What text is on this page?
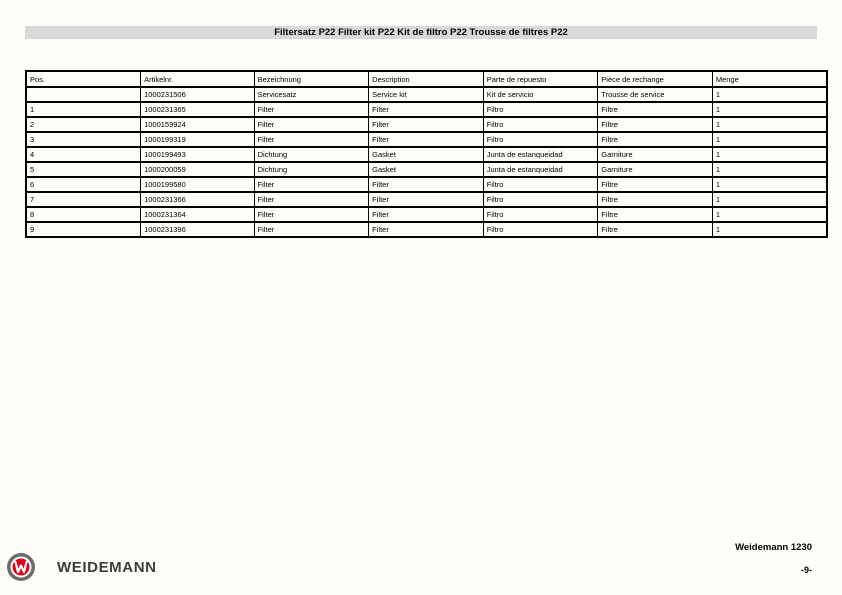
Filtersatz P22 Filter kit P22 Kit de filtro P22 Trousse de filtres P22
Pos.	Artikelnr.	Bezeichnung	Description	Parte de repuesto	Pièce de rechange	Menge
	1000231506	Servicesatz	Service kit	Kit de servicio	Trousse de service	1
1	1000231365	Filter	Filter	Filtro	Filtre	1
2	1000159924	Filter	Filter	Filtro	Filtre	1
3	1000199319	Filter	Filter	Filtro	Filtre	1
4	1000199493	Dichtung	Gasket	Junta de estanqueidad	Garniture	1
5	1000200059	Dichtung	Gasket	Junta de estanqueidad	Garniture	1
6	1000199580	Filter	Filter	Filtro	Filtre	1
7	1000231366	Filter	Filter	Filtro	Filtre	1
8	1000231364	Filter	Filter	Filtro	Filtre	1
9	1000231396	Filter	Filter	Filtro	Filtre	1
WEIDEMANN
Weidemann 1230
-9-
